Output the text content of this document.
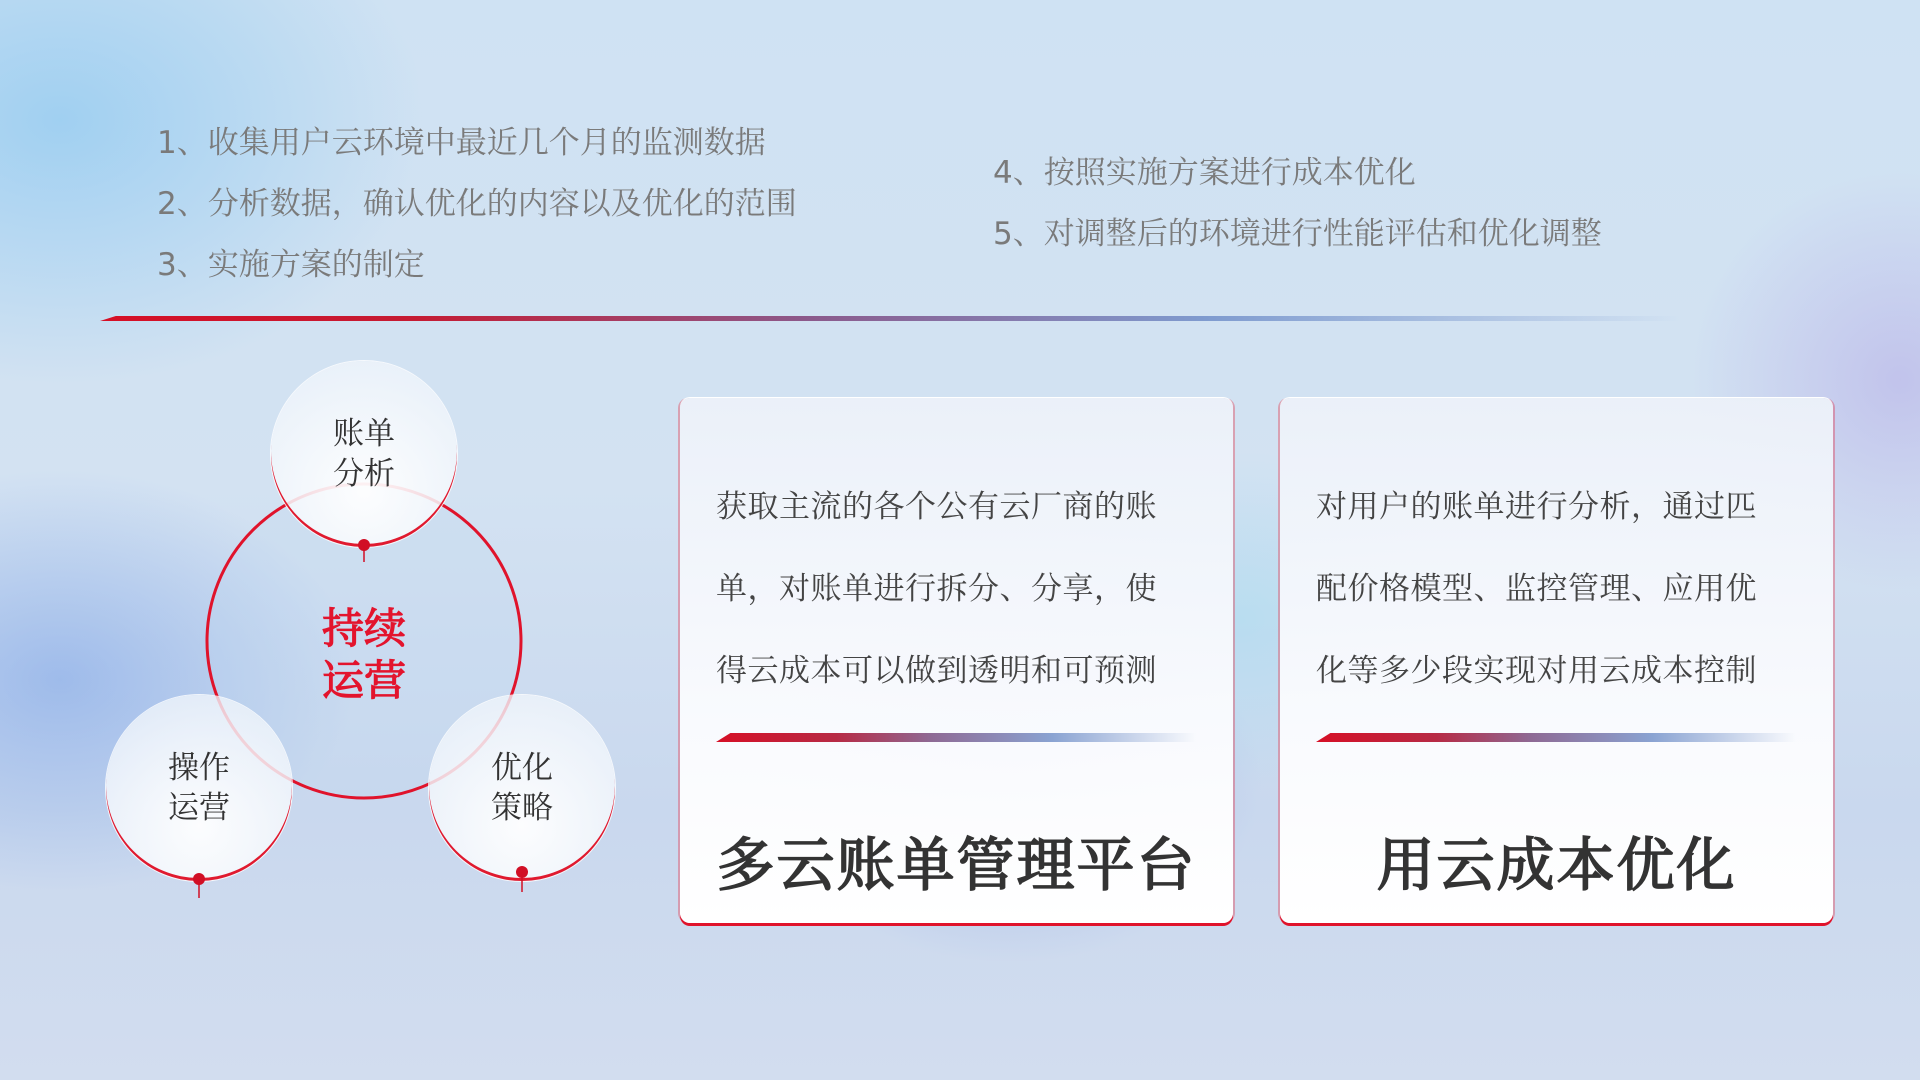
1、收集用户云环境中最近几个月的监测数据
2、分析数据，确认优化的内容以及优化的范围
3、实施方案的制定
4、按照实施方案进行成本优化
5、对调整后的环境进行性能评估和优化调整
账单
分析
操作
运营
优化
策略
持续
运营
获取主流的各个公有云厂商的账
单，对账单进行拆分、分享，使
得云成本可以做到透明和可预测
多云账单管理平台
对用户的账单进行分析，通过匹
配价格模型、监控管理、应用优
化等多少段实现对用云成本控制
用云成本优化
